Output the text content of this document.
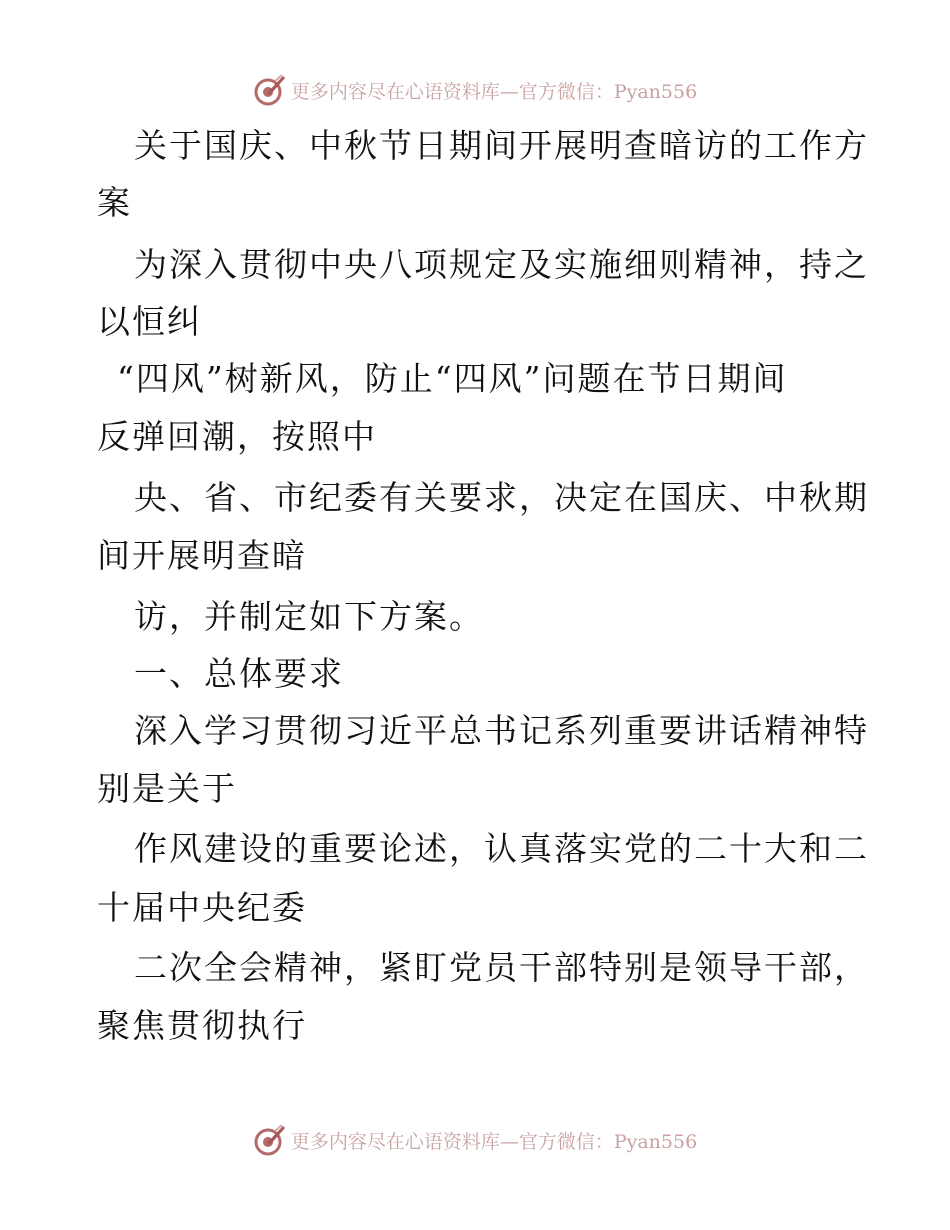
更多内容尽在心语资料库—官方微信：Pyan556
关于国庆、中秋节日期间开展明查暗访的工作方
案
为深入贯彻中央八项规定及实施细则精神，持之
以恒纠
“四风”树新风，防止“四风”问题在节日期间
反弹回潮，按照中
央、省、市纪委有关要求，决定在国庆、中秋期
间开展明查暗
访，并制定如下方案。
一、总体要求
深入学习贯彻习近平总书记系列重要讲话精神特
别是关于
作风建设的重要论述，认真落实党的二十大和二
十届中央纪委
二次全会精神，紧盯党员干部特别是领导干部，
聚焦贯彻执行
更多内容尽在心语资料库—官方微信：Pyan556
